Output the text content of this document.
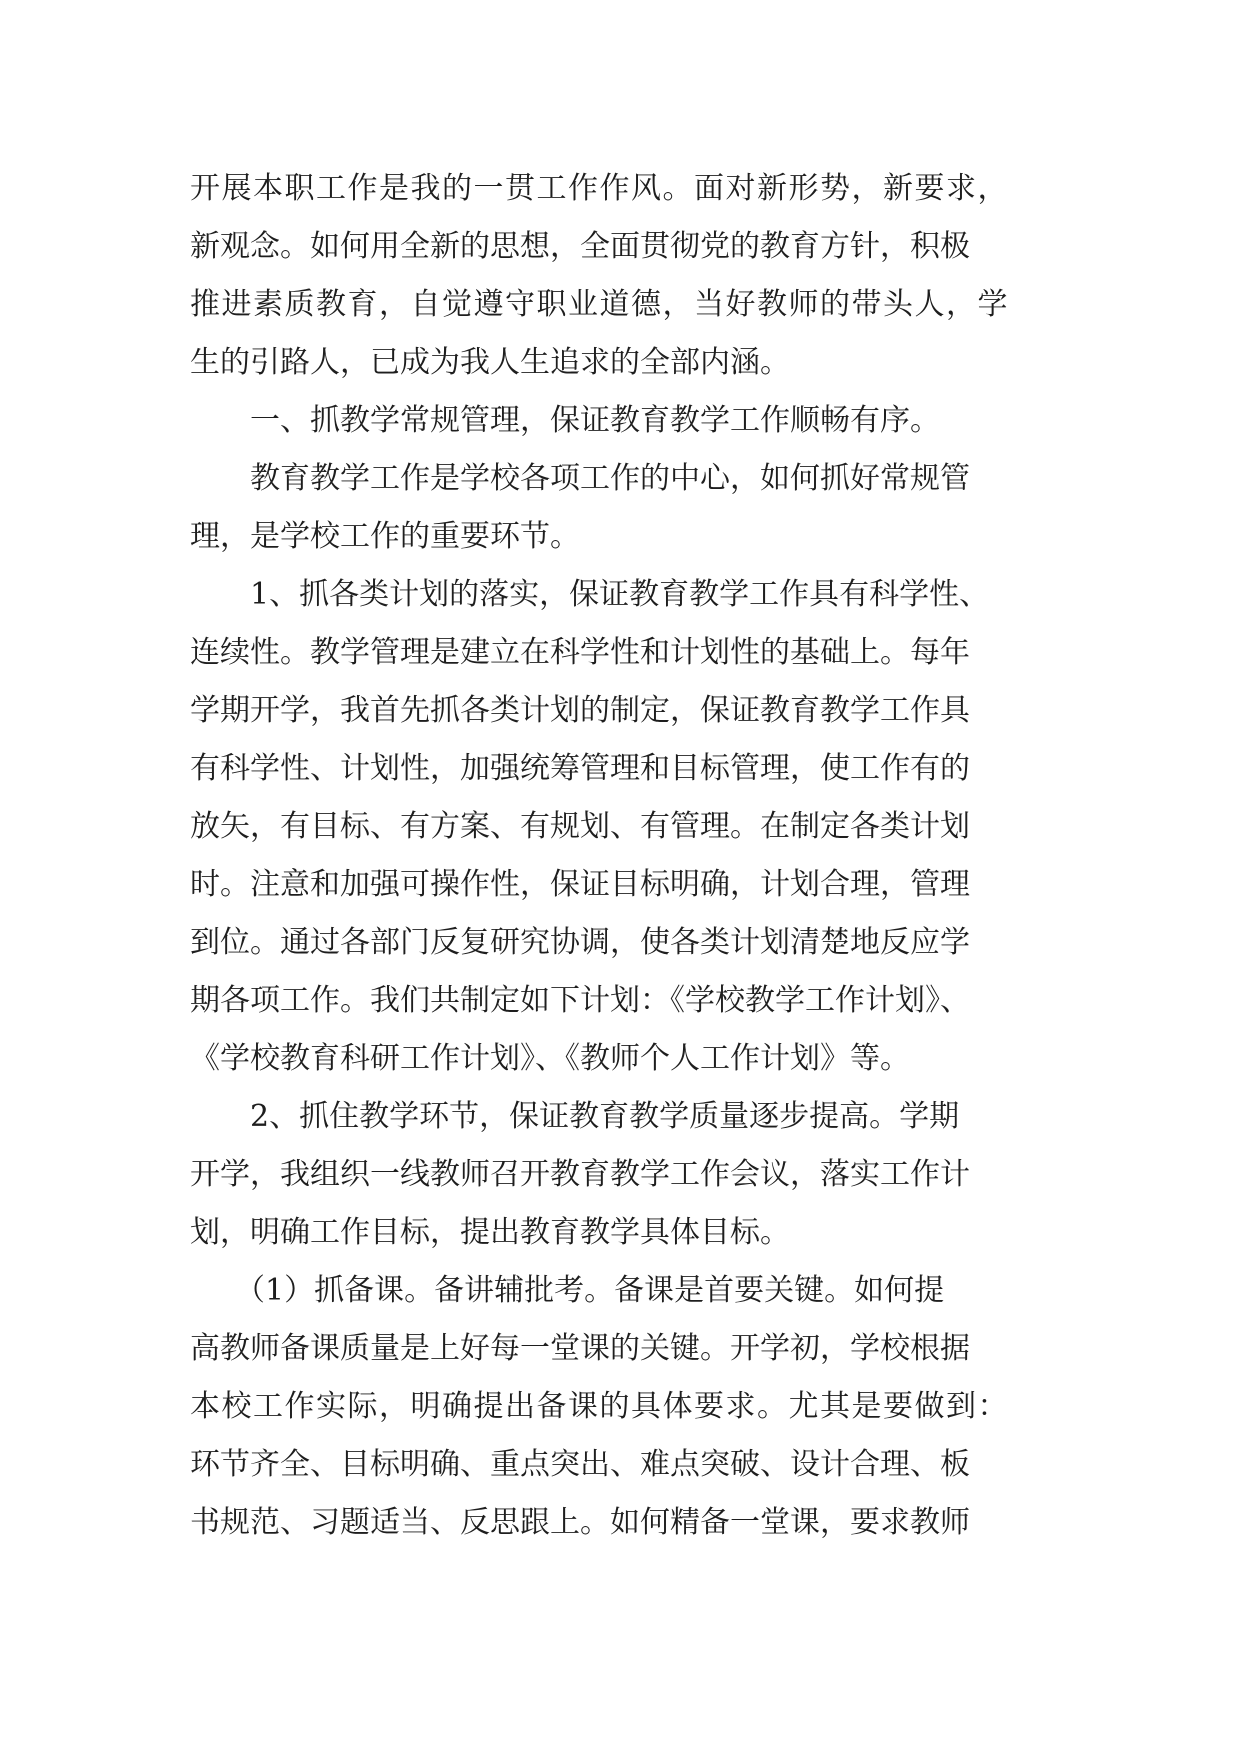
开展本职工作是我的一贯工作作风。面对新形势，新要求，
新观念。如何用全新的思想，全面贯彻党的教育方针，积极
推进素质教育，自觉遵守职业道德，当好教师的带头人，学
生的引路人，已成为我人生追求的全部内涵。
　　一、抓教学常规管理，保证教育教学工作顺畅有序。
　　教育教学工作是学校各项工作的中心，如何抓好常规管
理，是学校工作的重要环节。
　　1、抓各类计划的落实，保证教育教学工作具有科学性、
连续性。教学管理是建立在科学性和计划性的基础上。每年
学期开学，我首先抓各类计划的制定，保证教育教学工作具
有科学性、计划性，加强统筹管理和目标管理，使工作有的
放矢，有目标、有方案、有规划、有管理。在制定各类计划
时。注意和加强可操作性，保证目标明确，计划合理，管理
到位。通过各部门反复研究协调，使各类计划清楚地反应学
期各项工作。我们共制定如下计划：《学校教学工作计划》、
《学校教育科研工作计划》、《教师个人工作计划》等。
　　2、抓住教学环节，保证教育教学质量逐步提高。学期
开学，我组织一线教师召开教育教学工作会议，落实工作计
划，明确工作目标，提出教育教学具体目标。
　　（1）抓备课。备讲辅批考。备课是首要关键。如何提
高教师备课质量是上好每一堂课的关键。开学初，学校根据
本校工作实际，明确提出备课的具体要求。尤其是要做到：
环节齐全、目标明确、重点突出、难点突破、设计合理、板
书规范、习题适当、反思跟上。如何精备一堂课，要求教师
